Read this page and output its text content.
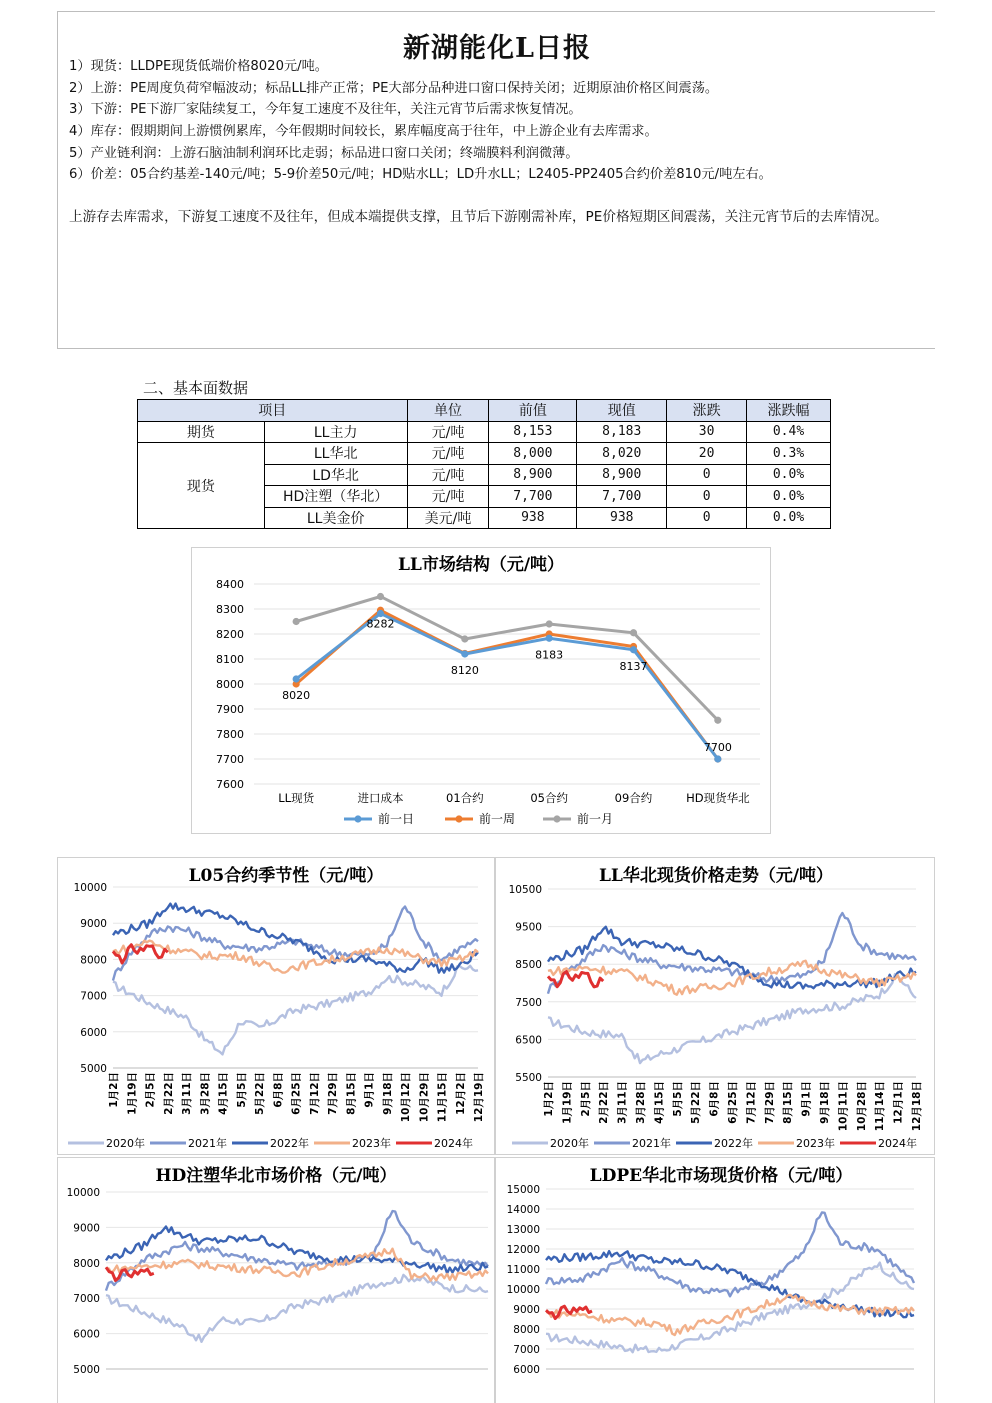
新湖能化L日报
1）现货：LLDPE现货低端价格8020元/吨。
2）上游：PE周度负荷窄幅波动；标品LL排产正常；PE大部分品种进口窗口保持关闭；近期原油价格区间震荡。
3）下游：PE下游厂家陆续复工，今年复工速度不及往年，关注元宵节后需求恢复情况。
4）库存：假期期间上游惯例累库，今年假期时间较长，累库幅度高于往年，中上游企业有去库需求。
5）产业链利润：上游石脑油制利润环比走弱；标品进口窗口关闭；终端膜料利润微薄。
6）价差：05合约基差-140元/吨；5-9价差50元/吨；HD贴水LL；LD升水LL；L2405-PP2405合约价差810元/吨左右。
上游存去库需求，下游复工速度不及往年，但成本端提供支撑，且节后下游刚需补库，PE价格短期区间震荡，关注元宵节后的去库情况。
二、基本面数据
项目		单位	前值	现值	涨跌	涨跌幅
期货	LL主力	元/吨	8,153	8,183	30	0.4%
现货	LL华北	元/吨	8,000	8,020	20	0.3%
	LD华北	元/吨	8,900	8,900	0	0.0%
	HD注塑（华北）	元/吨	7,700	7,700	0	0.0%
	LL美金价	美元/吨	938	938	0	0.0%
LL市场结构（元/吨）
7600
7700
7800
7900
8000
8100
8200
8300
8400
LL现货	进口成本	01合约	05合约	09合约	HD现货华北
8020
8282
8120
8183
8137
7700
前一日	前一周	前一月
L05合约季节性（元/吨）
5000
6000
7000
8000
9000
10000
1月2日 1月19日 2月5日 2月22日 3月11日 3月28日 4月15日 5月5日 5月22日 6月8日 6月25日 7月12日 7月29日 8月15日 9月1日 9月18日 10月12日 10月29日 11月15日 12月2日 12月19日
2020年	2021年	2022年	2023年	2024年
LL华北现货价格走势（元/吨）
5500
6500
7500
8500
9500
10500
1月2日 1月19日 2月5日 2月22日 3月11日 3月28日 4月15日 5月5日 5月22日 6月8日 6月25日 7月12日 7月29日 8月15日 9月1日 9月18日 10月11日 10月28日 11月14日 12月1日 12月18日
2020年	2021年	2022年	2023年	2024年
HD注塑华北市场价格（元/吨）
5000
6000
7000
8000
9000
10000
LDPE华北市场现货价格（元/吨）
6000
7000
8000
9000
10000
11000
12000
13000
14000
15000
